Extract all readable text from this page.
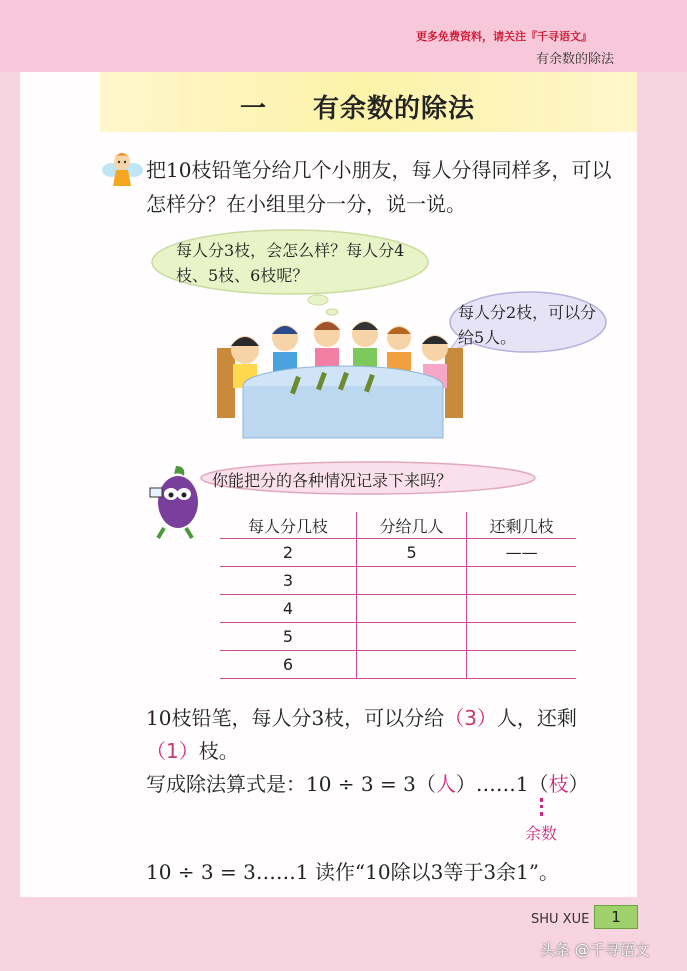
更多免费资料，请关注『千寻语文』
有余数的除法
一 有余数的除法
把10枝铅笔分给几个小朋友，每人分得同样多，可以怎样分？在小组里分一分，说一说。
每人分3枝，会怎么样？每人分4枝、5枝、6枝呢？
每人分2枝，可以分给5人。
你能把分的各种情况记录下来吗？
每人分几枝	分给几人	还剩几枝
2	5	——
3		
4		
5		
6		
10枝铅笔，每人分3枝，可以分给（3）人，还剩（1）枝。
写成除法算式是：10 ÷ 3 = 3（人）……1（枝）
余数
10 ÷ 3 = 3……1 读作“10除以3等于3余1”。
SHU XUE	1
头条 @千寻语文
